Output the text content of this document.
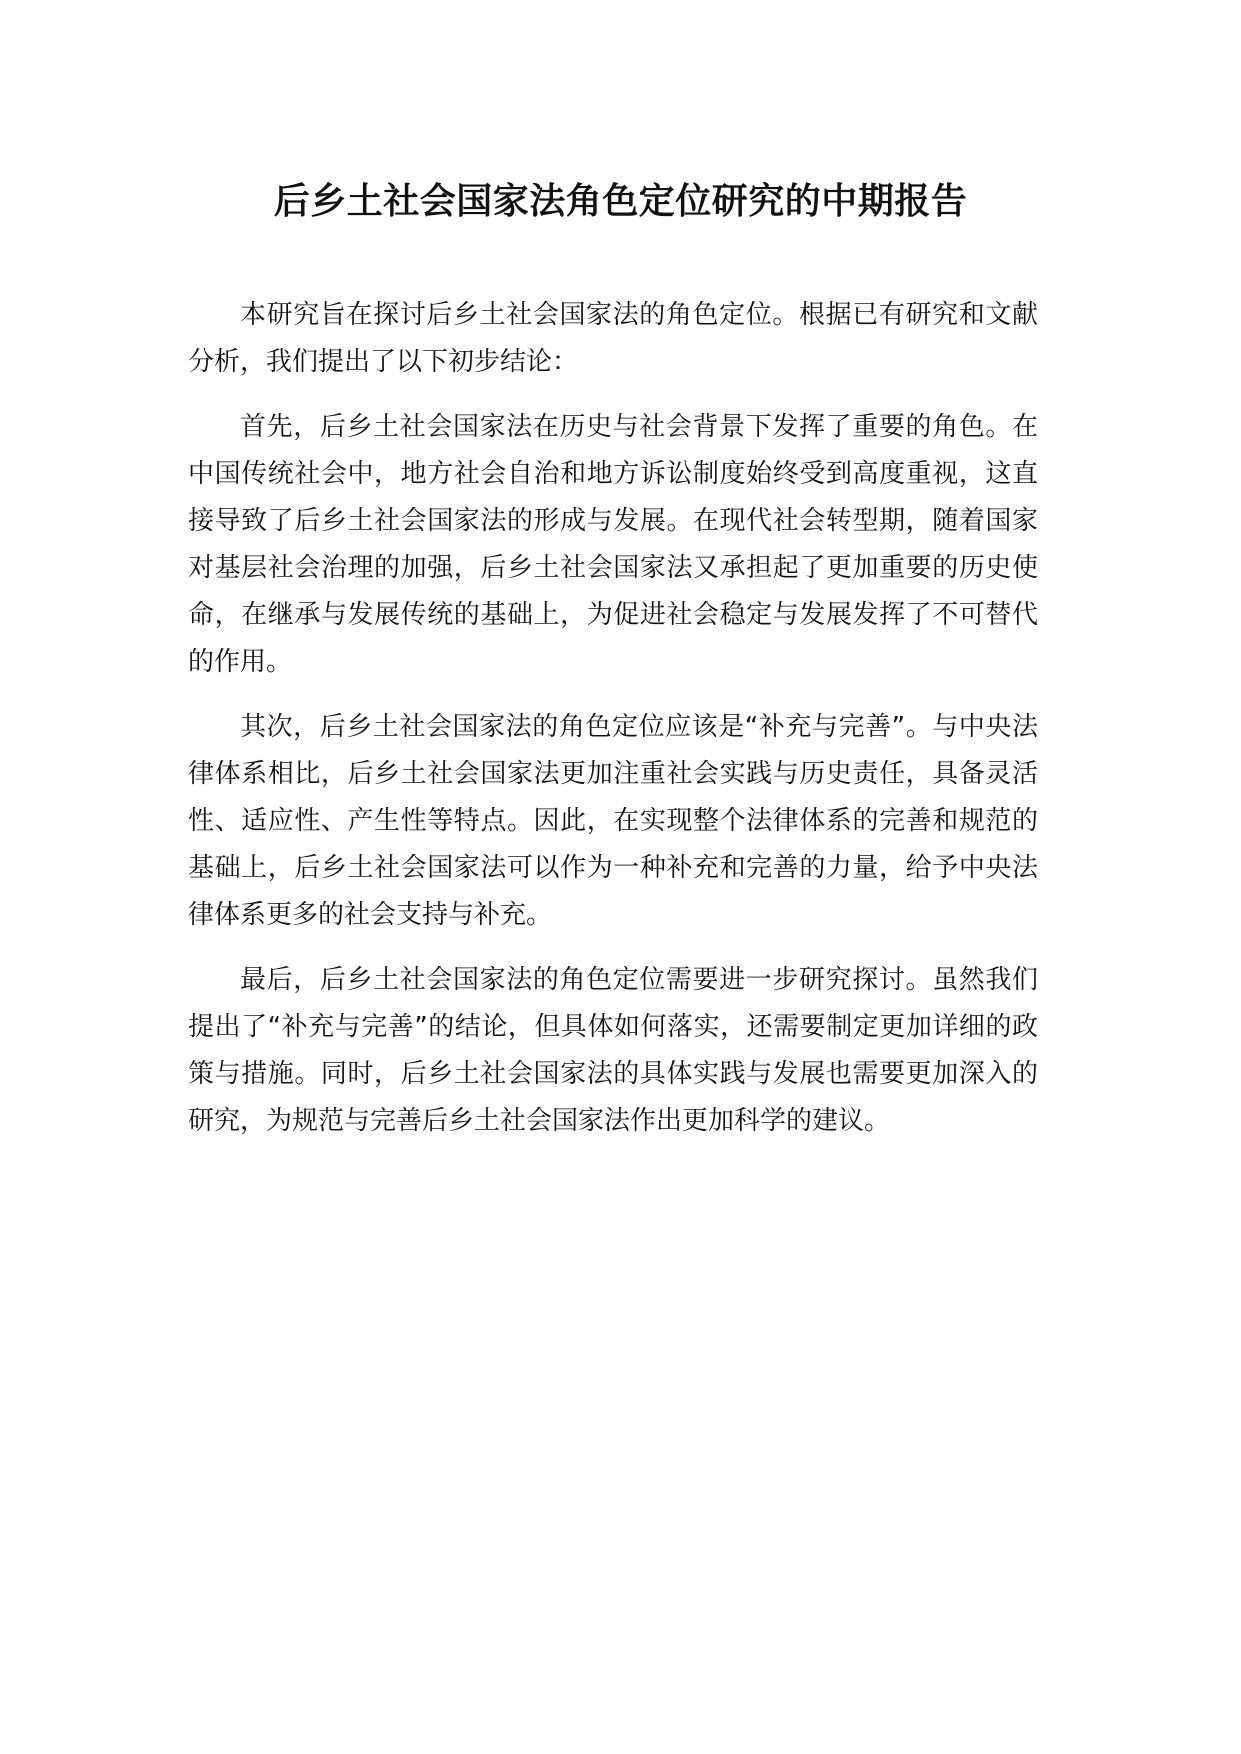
后乡土社会国家法角色定位研究的中期报告

本研究旨在探讨后乡土社会国家法的角色定位。根据已有研究和文献分析，我们提出了以下初步结论：

首先，后乡土社会国家法在历史与社会背景下发挥了重要的角色。在中国传统社会中，地方社会自治和地方诉讼制度始终受到高度重视，这直接导致了后乡土社会国家法的形成与发展。在现代社会转型期，随着国家对基层社会治理的加强，后乡土社会国家法又承担起了更加重要的历史使命，在继承与发展传统的基础上，为促进社会稳定与发展发挥了不可替代的作用。

其次，后乡土社会国家法的角色定位应该是“补充与完善”。与中央法律体系相比，后乡土社会国家法更加注重社会实践与历史责任，具备灵活性、适应性、产生性等特点。因此，在实现整个法律体系的完善和规范的基础上，后乡土社会国家法可以作为一种补充和完善的力量，给予中央法律体系更多的社会支持与补充。

最后，后乡土社会国家法的角色定位需要进一步研究探讨。虽然我们提出了“补充与完善”的结论，但具体如何落实，还需要制定更加详细的政策与措施。同时，后乡土社会国家法的具体实践与发展也需要更加深入的研究，为规范与完善后乡土社会国家法作出更加科学的建议。
